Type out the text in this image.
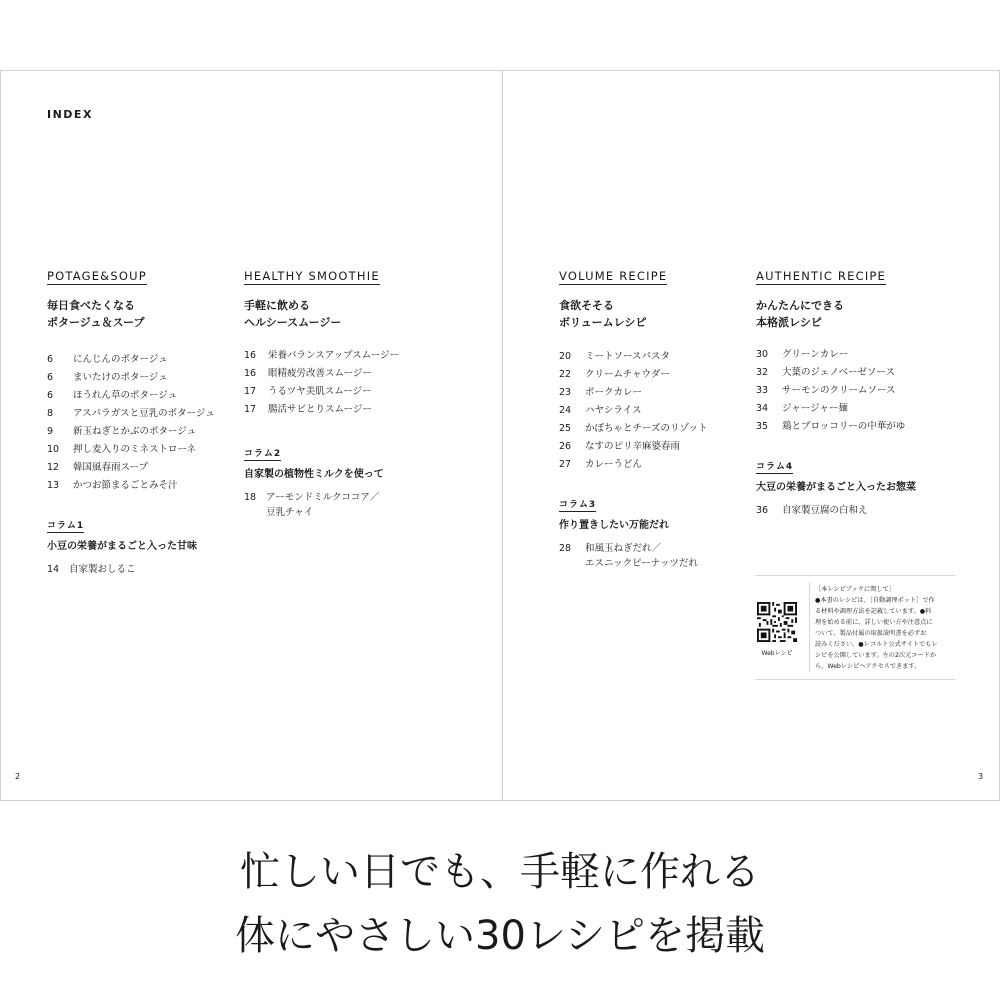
INDEX
POTAGE&SOUP
毎日食べたくなる
ポタージュ＆スープ
6 にんじんのポタージュ
6 まいたけのポタージュ
6 ほうれん草のポタージュ
8 アスパラガスと豆乳のポタージュ
9 新玉ねぎとかぶのポタージュ
10 押し麦入りのミネストローネ
12 韓国風春雨スープ
13 かつお節まるごとみそ汁
コラム1
小豆の栄養がまるごと入った甘味
14 自家製おしるこ
HEALTHY SMOOTHIE
手軽に飲める
ヘルシースムージー
16 栄養バランスアップスムージー
16 眼精疲労改善スムージー
17 うるツヤ美肌スムージー
17 腸活サビとりスムージー
コラム2
自家製の植物性ミルクを使って
18 アーモンドミルクココア／
豆乳チャイ
VOLUME RECIPE
食欲そそる
ボリュームレシピ
20 ミートソースパスタ
22 クリームチャウダー
23 ポークカレー
24 ハヤシライス
25 かぼちゃとチーズのリゾット
26 なすのピリ辛麻婆春雨
27 カレーうどん
コラム3
作り置きしたい万能だれ
28 和風玉ねぎだれ／
エスニックピーナッツだれ
AUTHENTIC RECIPE
かんたんにできる
本格派レシピ
30 グリーンカレー
32 大葉のジェノベーゼソース
33 サーモンのクリームソース
34 ジャージャー麺
35 鶏とブロッコリーの中華がゆ
コラム4
大豆の栄養がまるごと入ったお惣菜
36 自家製豆腐の白和え
Webレシピ
［本レシピブックに関して］
●本書のレシピは、［自動調理ポット］で作
る材料や調理方法を記載しています。●料
理を始める前に、詳しい使い方や注意点に
ついて、製品付属の取扱説明書を必ずお
読みください。●レコルト公式サイトでもレ
シピを公開しています。左の2次元コードか
ら、Webレシピへアクセスできます。
2	3
忙しい日でも、手軽に作れる
体にやさしい30レシピを掲載
